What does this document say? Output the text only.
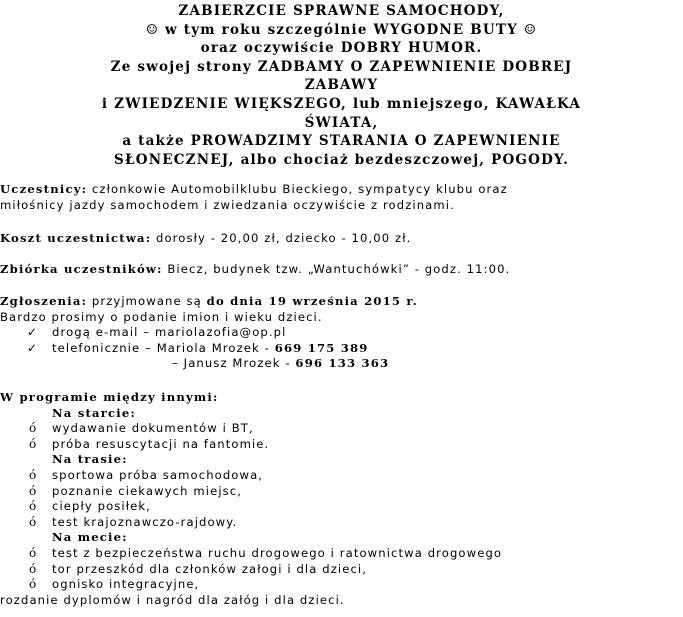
ZABIERZCIE SPRAWNE SAMOCHODY,
☺ w tym roku szczególnie WYGODNE BUTY ☺
oraz oczywiście DOBRY HUMOR.
Ze swojej strony ZADBAMY O ZAPEWNIENIE DOBREJ
ZABAWY
i ZWIEDZENIE WIĘKSZEGO, lub mniejszego, KAWAŁKA
ŚWIATA,
a także PROWADZIMY STARANIA O ZAPEWNIENIE
SŁONECZNEJ, albo chociaż bezdeszczowej, POGODY.
Uczestnicy: członkowie Automobilklubu Bieckiego, sympatycy klubu oraz
miłośnicy jazdy samochodem i zwiedzania oczywiście z rodzinami.
Koszt uczestnictwa: dorosły - 20,00 zł, dziecko - 10,00 zł.
Zbiórka uczestników: Biecz, budynek tzw. „Wantuchówki” - godz. 11:00.
Zgłoszenia: przyjmowane są do dnia 19 września 2015 r.
Bardzo prosimy o podanie imion i wieku dzieci.
✓ drogą e-mail – mariolazofia@op.pl
✓ telefonicznie – Mariola Mrozek - 669 175 389
– Janusz Mrozek - 696 133 363
W programie między innymi:
Na starcie:
ó wydawanie dokumentów i BT,
ó próba resuscytacji na fantomie.
Na trasie:
ó sportowa próba samochodowa,
ó poznanie ciekawych miejsc,
ó ciepły posiłek,
ó test krajoznawczo-rajdowy.
Na mecie:
ó test z bezpieczeństwa ruchu drogowego i ratownictwa drogowego
ó tor przeszkód dla członków załogi i dla dzieci,
ó ognisko integracyjne,
rozdanie dyplomów i nagród dla załóg i dla dzieci.
